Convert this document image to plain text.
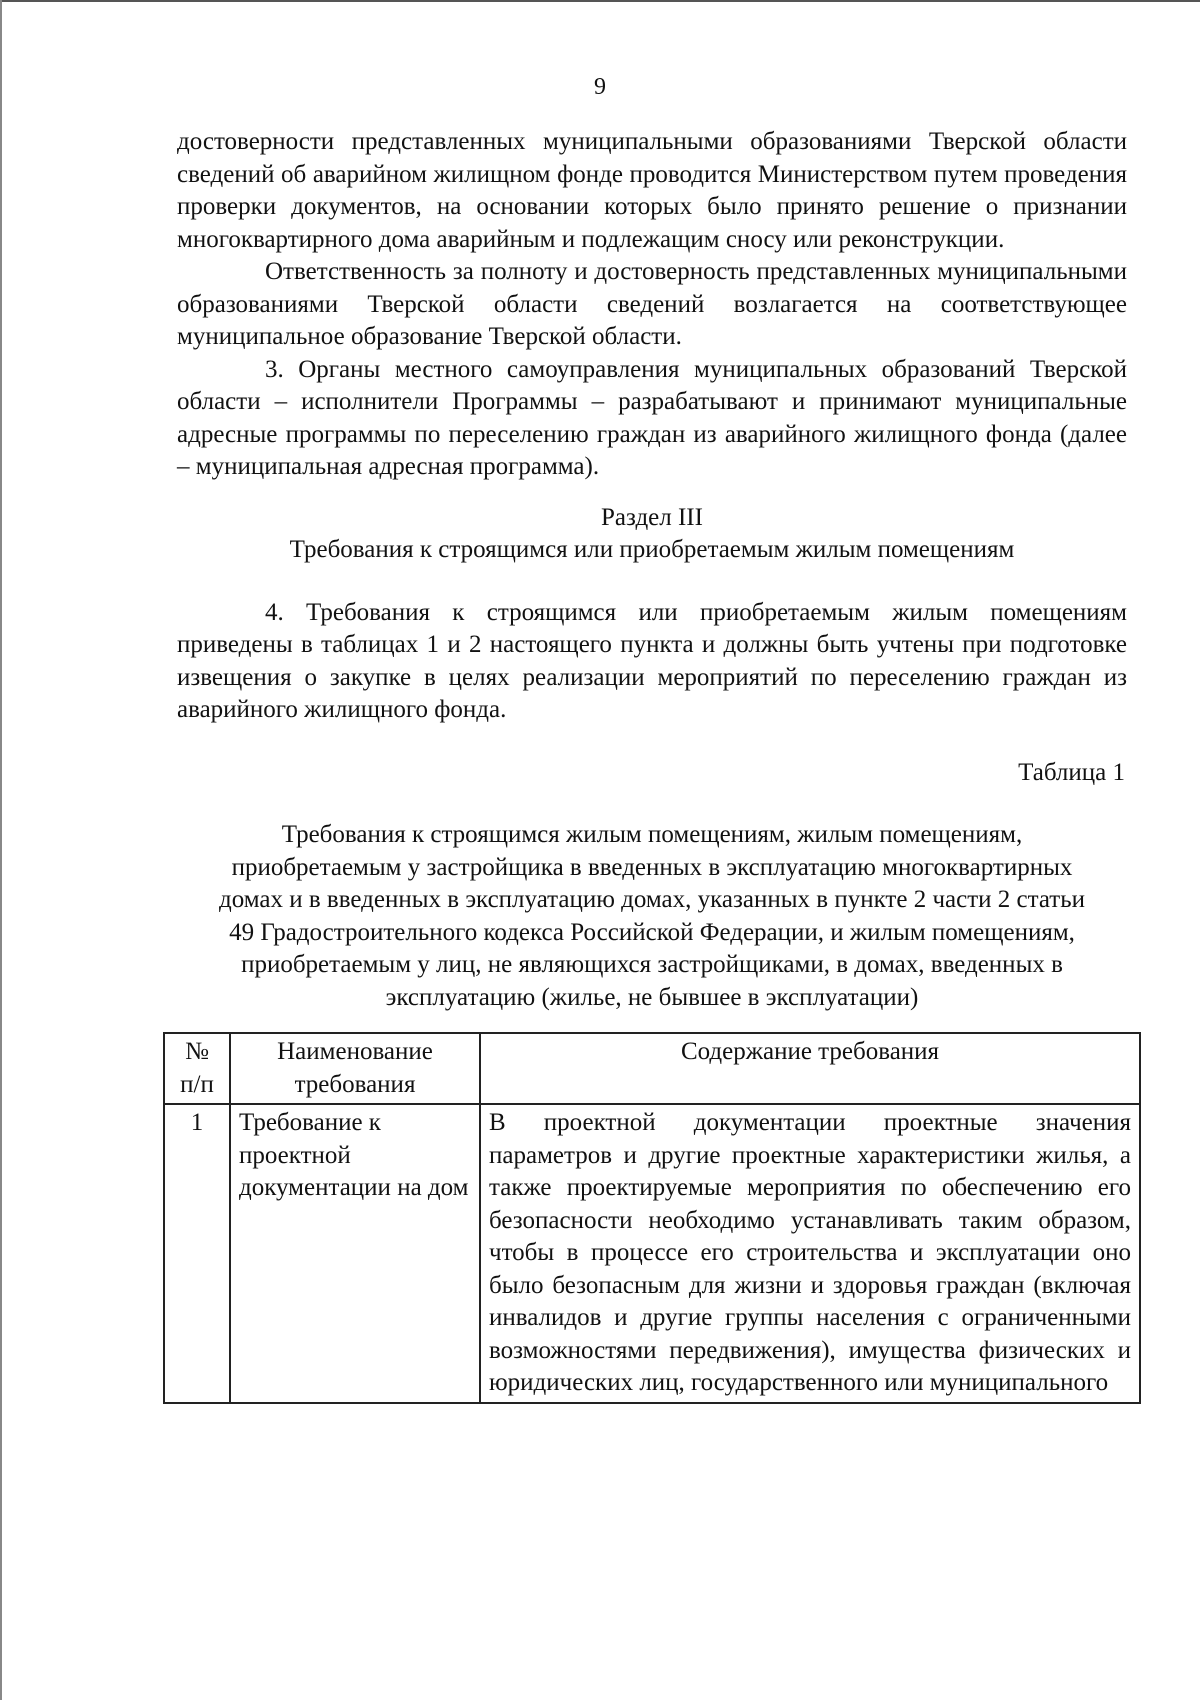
9

достоверности представленных муниципальными образованиями Тверской области сведений об аварийном жилищном фонде проводится Министерством путем проведения проверки документов, на основании которых было принято решение о признании многоквартирного дома аварийным и подлежащим сносу или реконструкции.

Ответственность за полноту и достоверность представленных муниципальными образованиями Тверской области сведений возлагается на соответствующее муниципальное образование Тверской области.

3. Органы местного самоуправления муниципальных образований Тверской области – исполнители Программы – разрабатывают и принимают муниципальные адресные программы по переселению граждан из аварийного жилищного фонда (далее – муниципальная адресная программа).

Раздел III

Требования к строящимся или приобретаемым жилым помещениям

4. Требования к строящимся или приобретаемым жилым помещениям приведены в таблицах 1 и 2 настоящего пункта и должны быть учтены при подготовке извещения о закупке в целях реализации мероприятий по переселению граждан из аварийного жилищного фонда.

Таблица 1

Требования к строящимся жилым помещениям, жилым помещениям, приобретаемым у застройщика в введенных в эксплуатацию многоквартирных домах и в введенных в эксплуатацию домах, указанных в пункте 2 части 2 статьи 49 Градостроительного кодекса Российской Федерации, и жилым помещениям, приобретаемым у лиц, не являющихся застройщиками, в домах, введенных в эксплуатацию (жилье, не бывшее в эксплуатации)

№ п/п	Наименование требования	Содержание требования
1	Требование к проектной документации на дом	В проектной документации проектные значения параметров и другие проектные характеристики жилья, а также проектируемые мероприятия по обеспечению его безопасности необходимо устанавливать таким образом, чтобы в процессе его строительства и эксплуатации оно было безопасным для жизни и здоровья граждан (включая инвалидов и другие группы населения с ограниченными возможностями передвижения), имущества физических и юридических лиц, государственного или муниципального
